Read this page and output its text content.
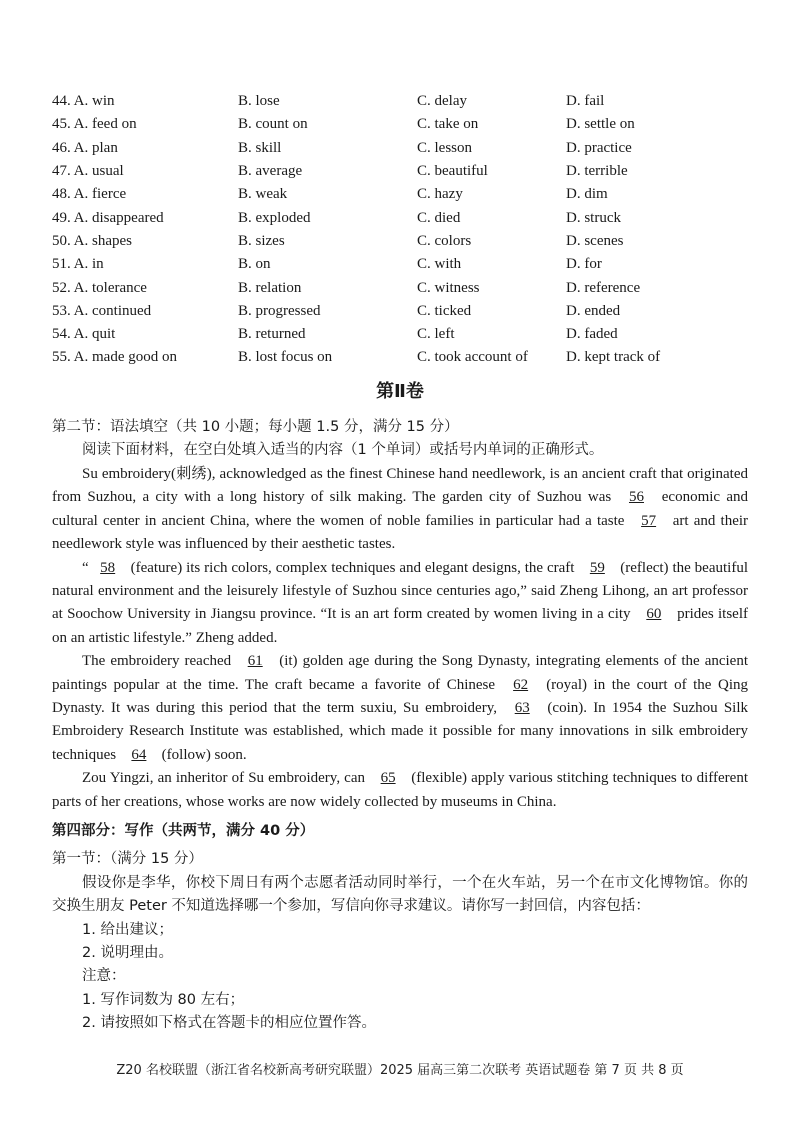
44. A. win	B. lose	C. delay	D. fail
45. A. feed on	B. count on	C. take on	D. settle on
46. A. plan	B. skill	C. lesson	D. practice
47. A. usual	B. average	C. beautiful	D. terrible
48. A. fierce	B. weak	C. hazy	D. dim
49. A. disappeared	B. exploded	C. died	D. struck
50. A. shapes	B. sizes	C. colors	D. scenes
51. A. in	B. on	C. with	D. for
52. A. tolerance	B. relation	C. witness	D. reference
53. A. continued	B. progressed	C. ticked	D. ended
54. A. quit	B. returned	C. left	D. faded
55. A. made good on	B. lost focus on	C. took account of	D. kept track of
第Ⅱ卷
第二节：语法填空（共 10 小题；每小题 1.5 分，满分 15 分）
阅读下面材料，在空白处填入适当的内容（1 个单词）或括号内单词的正确形式。

Su embroidery(刺绣), acknowledged as the finest Chinese hand needlework, is an ancient craft that originated from Suzhou, a city with a long history of silk making. The garden city of Suzhou was 56 economic and cultural center in ancient China, where the women of noble families in particular had a taste 57 art and their needlework style was influenced by their aesthetic tastes.

“ 58 (feature) its rich colors, complex techniques and elegant designs, the craft 59 (reflect) the beautiful natural environment and the leisurely lifestyle of Suzhou since centuries ago,” said Zheng Lihong, an art professor at Soochow University in Jiangsu province. “It is an art form created by women living in a city 60 prides itself on an artistic lifestyle.” Zheng added.

The embroidery reached 61 (it) golden age during the Song Dynasty, integrating elements of the ancient paintings popular at the time. The craft became a favorite of Chinese 62 (royal) in the court of the Qing Dynasty. It was during this period that the term suxiu, Su embroidery, 63 (coin). In 1954 the Suzhou Silk Embroidery Research Institute was established, which made it possible for many innovations in silk embroidery techniques 64 (follow) soon.

Zou Yingzi, an inheritor of Su embroidery, can 65 (flexible) apply various stitching techniques to different parts of her creations, whose works are now widely collected by museums in China.

第四部分：写作（共两节，满分 40 分）
第一节：（满分 15 分）
假设你是李华，你校下周日有两个志愿者活动同时举行，一个在火车站，另一个在市文化博物馆。你的交换生朋友 Peter 不知道选择哪一个参加，写信向你寻求建议。请你写一封回信，内容包括：
1. 给出建议；
2. 说明理由。
注意：
1. 写作词数为 80 左右；
2. 请按照如下格式在答题卡的相应位置作答。
Z20 名校联盟（浙江省名校新高考研究联盟）2025 届高三第二次联考 英语试题卷 第 7 页 共 8 页
